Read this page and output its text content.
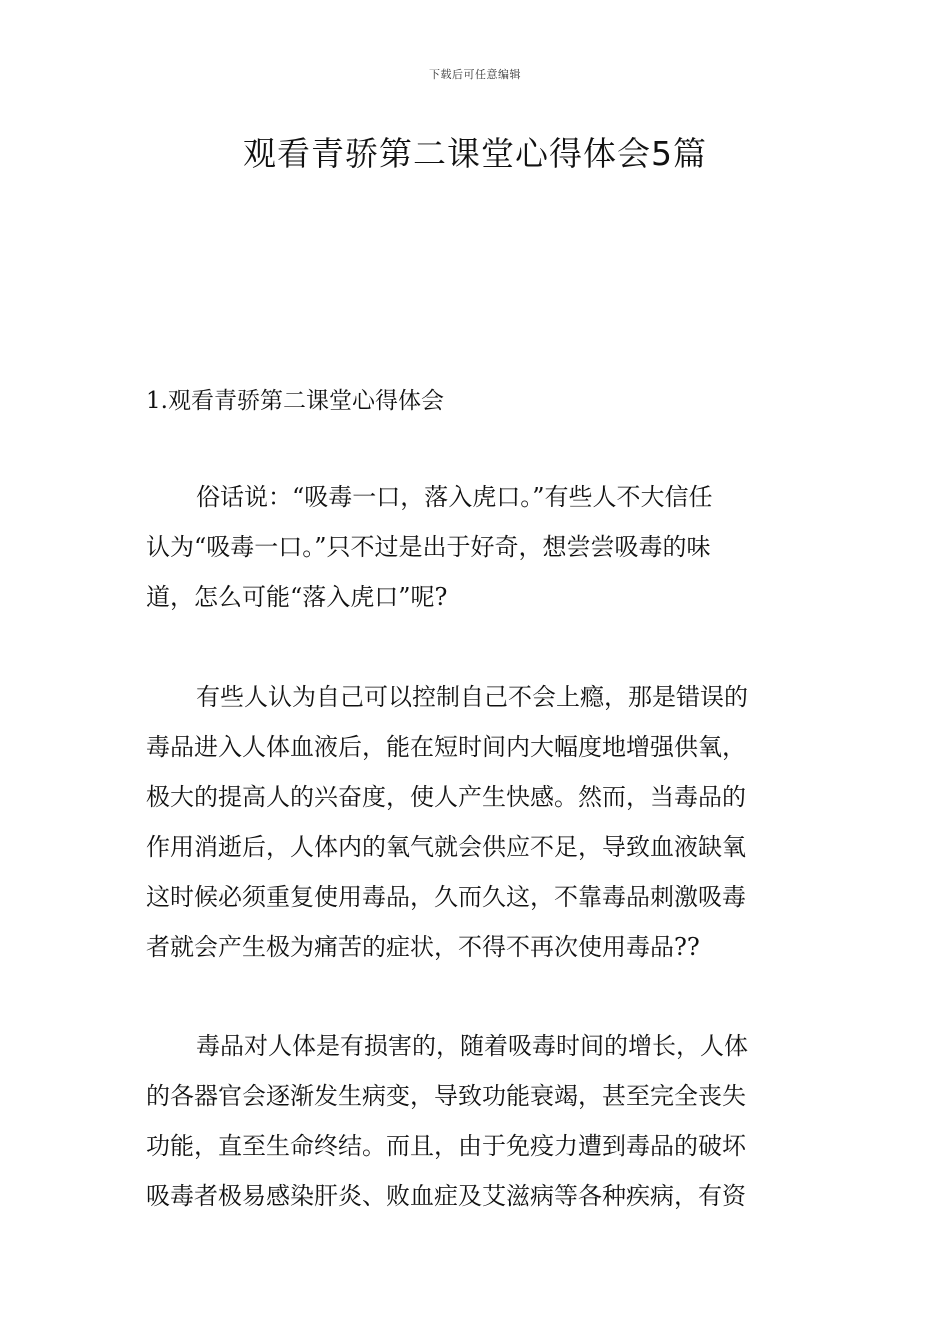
下载后可任意编辑
观看青骄第二课堂心得体会5篇
1.观看青骄第二课堂心得体会
俗话说：“吸毒一口，落入虎口。”有些人不大信任
认为“吸毒一口。”只不过是出于好奇，想尝尝吸毒的味
道，怎么可能“落入虎口”呢?
有些人认为自己可以控制自己不会上瘾，那是错误的
毒品进入人体血液后，能在短时间内大幅度地增强供氧，
极大的提高人的兴奋度，使人产生快感。然而，当毒品的
作用消逝后，人体内的氧气就会供应不足，导致血液缺氧
这时候必须重复使用毒品，久而久这，不靠毒品刺激吸毒
者就会产生极为痛苦的症状，不得不再次使用毒品??
毒品对人体是有损害的，随着吸毒时间的增长，人体
的各器官会逐渐发生病变，导致功能衰竭，甚至完全丧失
功能，直至生命终结。而且，由于免疫力遭到毒品的破坏
吸毒者极易感染肝炎、败血症及艾滋病等各种疾病，有资
